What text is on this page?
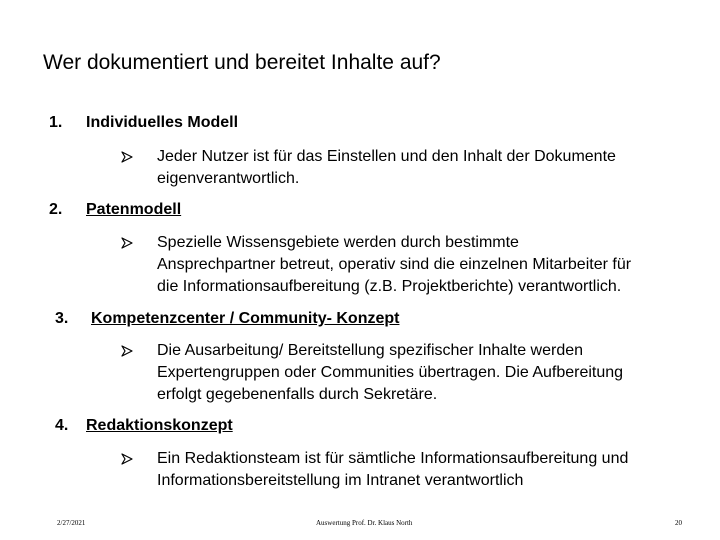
Wer dokumentiert und bereitet Inhalte auf?
1. Individuelles Modell
Jeder Nutzer ist für das Einstellen und den Inhalt der Dokumente
eigenverantwortlich.
2. Patenmodell
Spezielle Wissensgebiete werden durch bestimmte
Ansprechpartner betreut, operativ sind die einzelnen Mitarbeiter für
die Informationsaufbereitung (z.B. Projektberichte) verantwortlich.
3. Kompetenzcenter / Community- Konzept
Die Ausarbeitung/ Bereitstellung spezifischer Inhalte werden
Expertengruppen oder Communities übertragen. Die Aufbereitung
erfolgt gegebenenfalls durch Sekretäre.
4. Redaktionskonzept
Ein Redaktionsteam ist für sämtliche Informationsaufbereitung und
Informationsbereitstellung im Intranet verantwortlich
2/27/2021	Auswertung Prof. Dr. Klaus North	20
